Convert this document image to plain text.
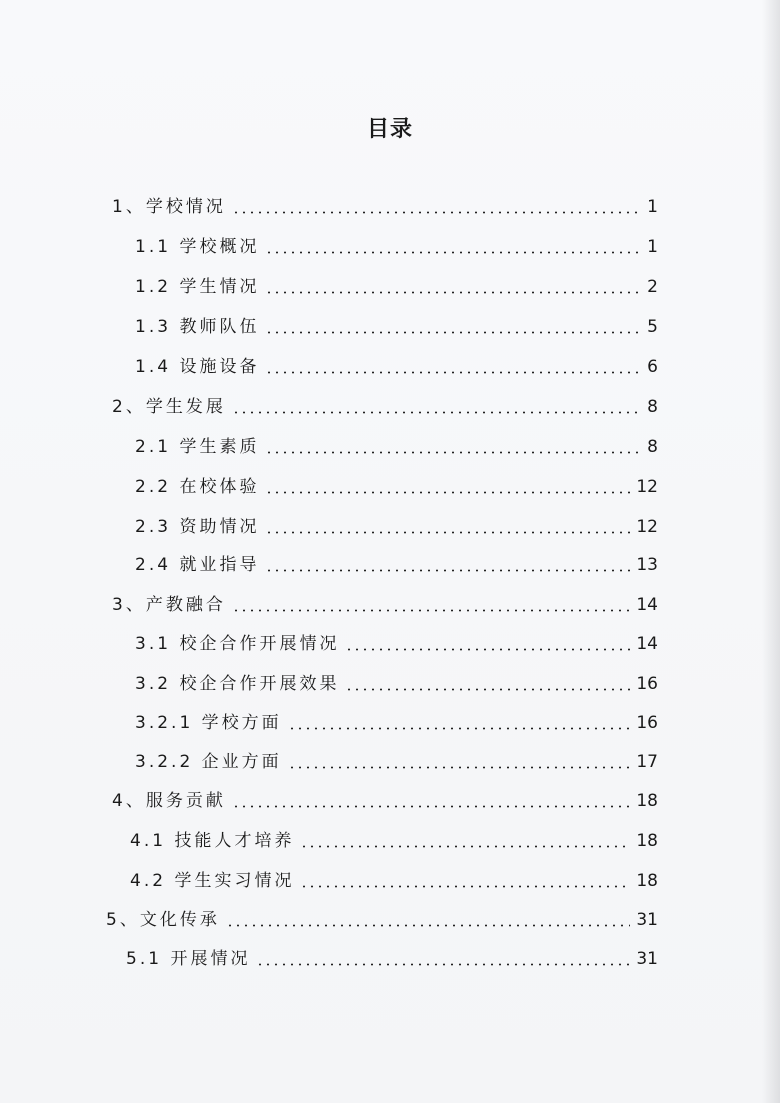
目录
1、学校情况	1
1.1 学校概况	1
1.2 学生情况	2
1.3 教师队伍	5
1.4 设施设备	6
2、学生发展	8
2.1 学生素质	8
2.2 在校体验	12
2.3 资助情况	12
2.4 就业指导	13
3、产教融合	14
3.1 校企合作开展情况	14
3.2 校企合作开展效果	16
3.2.1 学校方面	16
3.2.2 企业方面	17
4、服务贡献	18
4.1 技能人才培养	18
4.2 学生实习情况	18
5、文化传承	31
5.1 开展情况	31
